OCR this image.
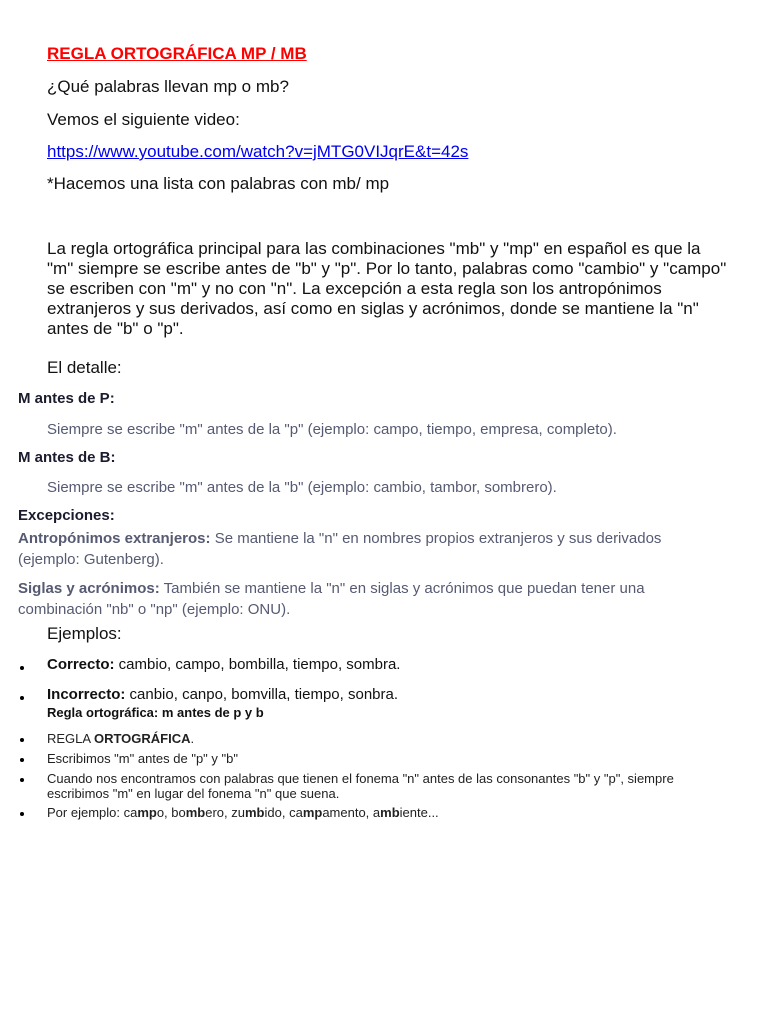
REGLA ORTOGRÁFICA MP / MB

¿Qué palabras llevan mp o mb?

Vemos el siguiente video:

https://www.youtube.com/watch?v=jMTG0VIJqrE&t=42s

*Hacemos una lista con palabras con mb/ mp

La regla ortográfica principal para las combinaciones "mb" y "mp" en español es que la "m" siempre se escribe antes de "b" y "p". Por lo tanto, palabras como "cambio" y "campo" se escriben con "m" y no con "n". La excepción a esta regla son los antropónimos extranjeros y sus derivados, así como en siglas y acrónimos, donde se mantiene la "n" antes de "b" o "p".

El detalle:

M antes de P:

Siempre se escribe "m" antes de la "p" (ejemplo: campo, tiempo, empresa, completo).

M antes de B:

Siempre se escribe "m" antes de la "b" (ejemplo: cambio, tambor, sombrero).

Excepciones:

Antropónimos extranjeros: Se mantiene la "n" en nombres propios extranjeros y sus derivados (ejemplo: Gutenberg).

Siglas y acrónimos: También se mantiene la "n" en siglas y acrónimos que puedan tener una combinación "nb" o "np" (ejemplo: ONU).

Ejemplos:

Correcto: cambio, campo, bombilla, tiempo, sombra.

Incorrecto: canbio, canpo, bomvilla, tiempo, sonbra.

Regla ortográfica: m antes de p y b

REGLA ORTOGRÁFICA.

Escribimos "m" antes de "p" y "b"

Cuando nos encontramos con palabras que tienen el fonema "n" antes de las consonantes "b" y "p", siempre escribimos "m" en lugar del fonema "n" que suena.

Por ejemplo: campo, bombero, zumbido, campamento, ambiente...
